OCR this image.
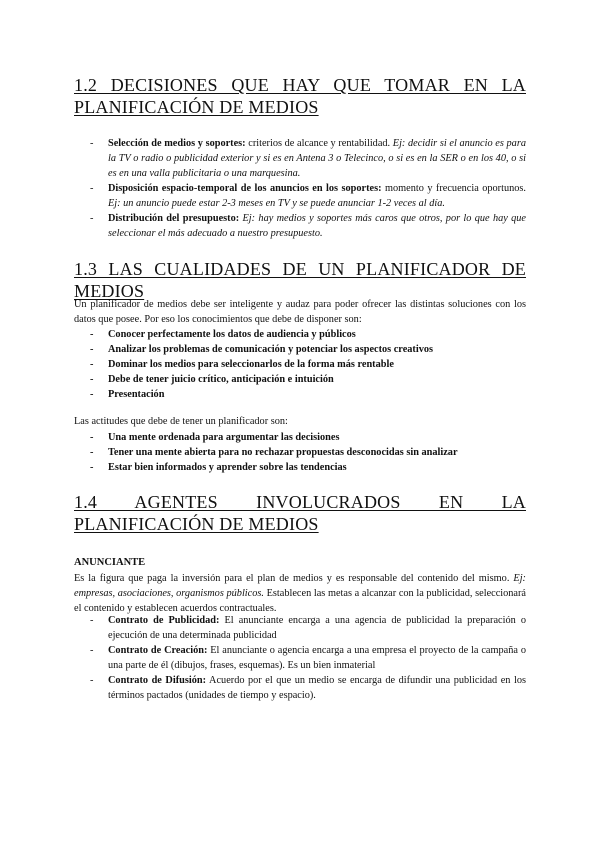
1.2 DECISIONES QUE HAY QUE TOMAR EN LA PLANIFICACIÓN DE MEDIOS
- Selección de medios y soportes: criterios de alcance y rentabilidad. Ej: decidir si el anuncio es para la TV o radio o publicidad exterior y si es en Antena 3 o Telecinco, o si es en la SER o en los 40, o si es en una valla publicitaria o una marquesina.
- Disposición espacio-temporal de los anuncios en los soportes: momento y frecuencia oportunos. Ej: un anuncio puede estar 2-3 meses en TV y se puede anunciar 1-2 veces al día.
- Distribución del presupuesto: Ej: hay medios y soportes más caros que otros, por lo que hay que seleccionar el más adecuado a nuestro presupuesto.
1.3 LAS CUALIDADES DE UN PLANIFICADOR DE MEDIOS

Un planificador de medios debe ser inteligente y audaz para poder ofrecer las distintas soluciones con los datos que posee. Por eso los conocimientos que debe de disponer son:

- Conocer perfectamente los datos de audiencia y públicos
- Analizar los problemas de comunicación y potenciar los aspectos creativos
- Dominar los medios para seleccionarlos de la forma más rentable
- Debe de tener juicio crítico, anticipación e intuición
- Presentación

Las actitudes que debe de tener un planificador son:

- Una mente ordenada para argumentar las decisiones
- Tener una mente abierta para no rechazar propuestas desconocidas sin analizar
- Estar bien informados y aprender sobre las tendencias
1.4 AGENTES INVOLUCRADOS EN LA PLANIFICACIÓN DE MEDIOS

ANUNCIANTE

Es la figura que paga la inversión para el plan de medios y es responsable del contenido del mismo. Ej: empresas, asociaciones, organismos públicos. Establecen las metas a alcanzar con la publicidad, seleccionará el contenido y establecen acuerdos contractuales.

- Contrato de Publicidad: El anunciante encarga a una agencia de publicidad la preparación o ejecución de una determinada publicidad
- Contrato de Creación: El anunciante o agencia encarga a una empresa el proyecto de la campaña o una parte de él (dibujos, frases, esquemas). Es un bien inmaterial
- Contrato de Difusión: Acuerdo por el que un medio se encarga de difundir una publicidad en los términos pactados (unidades de tiempo y espacio).
